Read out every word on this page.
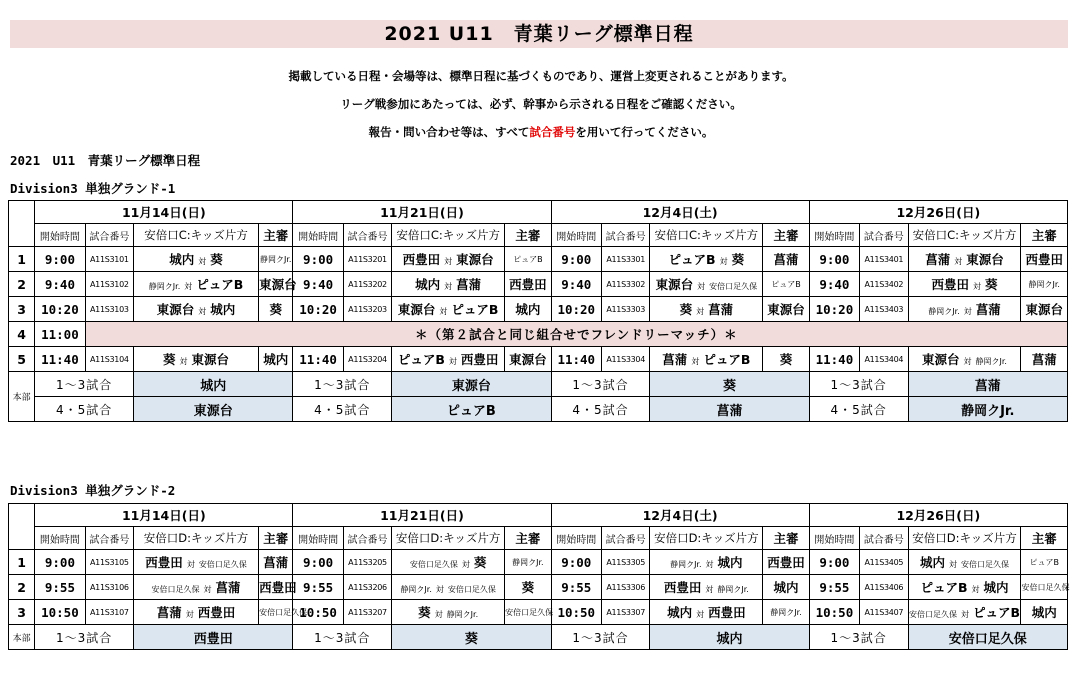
2021 U11　青葉リーグ標準日程
掲載している日程・会場等は、標準日程に基づくものであり、運営上変更されることがあります。
リーグ戦参加にあたっては、必ず、幹事から示される日程をご確認ください。
報告・問い合わせ等は、すべて試合番号を用いて行ってください。
2021　U11　青葉リーグ標準日程
Division3 単独グランド-1
	11月14日(日)				11月21日(日)				12月4日(土)				12月26日(日)			
	開始時間	試合番号	安倍口C:キッズ片方	主審	開始時間	試合番号	安倍口C:キッズ片方	主審	開始時間	試合番号	安倍口C:キッズ片方	主審	開始時間	試合番号	安倍口C:キッズ片方	主審
1	9:00	A11S3101	城内 対 葵	静岡クJr.	9:00	A11S3201	西豊田 対 東源台	ピュアB	9:00	A11S3301	ピュアB 対 葵	菖蒲	9:00	A11S3401	菖蒲 対 東源台	西豊田
2	9:40	A11S3102	静岡クJr. 対 ピュアB	東源台	9:40	A11S3202	城内 対 菖蒲	西豊田	9:40	A11S3302	東源台 対 安倍口足久保	ピュアB	9:40	A11S3402	西豊田 対 葵	静岡クJr.
3	10:20	A11S3103	東源台 対 城内	葵	10:20	A11S3203	東源台 対 ピュアB	城内	10:20	A11S3303	葵 対 菖蒲	東源台	10:20	A11S3403	静岡クJr. 対 菖蒲	東源台
4	11:00	＊（第２試合と同じ組合せでフレンドリーマッチ）＊														
5	11:40	A11S3104	葵 対 東源台	城内	11:40	A11S3204	ピュアB 対 西豊田	東源台	11:40	A11S3304	菖蒲 対 ピュアB	葵	11:40	A11S3404	東源台 対 静岡クJr.	菖蒲
本部	1～3試合		城内		1～3試合		東源台		1～3試合		葵		1～3試合		菖蒲	
	4・5試合		東源台		4・5試合		ピュアB		4・5試合		菖蒲		4・5試合		静岡クJr.	
Division3 単独グランド-2
	11月14日(日)				11月21日(日)				12月4日(土)				12月26日(日)			
	開始時間	試合番号	安倍口D:キッズ片方	主審	開始時間	試合番号	安倍口D:キッズ片方	主審	開始時間	試合番号	安倍口D:キッズ片方	主審	開始時間	試合番号	安倍口D:キッズ片方	主審
1	9:00	A11S3105	西豊田 対 安倍口足久保	菖蒲	9:00	A11S3205	安倍口足久保 対 葵	静岡クJr.	9:00	A11S3305	静岡クJr. 対 城内	西豊田	9:00	A11S3405	城内 対 安倍口足久保	ピュアB
2	9:55	A11S3106	安倍口足久保 対 菖蒲	西豊田	9:55	A11S3206	静岡クJr. 対 安倍口足久保	葵	9:55	A11S3306	西豊田 対 静岡クJr.	城内	9:55	A11S3406	ピュアB 対 城内	安倍口足久保
3	10:50	A11S3107	菖蒲 対 西豊田	安倍口足久保	10:50	A11S3207	葵 対 静岡クJr.	安倍口足久保	10:50	A11S3307	城内 対 西豊田	静岡クJr.	10:50	A11S3407	安倍口足久保 対 ピュアB	城内
本部	1～3試合		西豊田		1～3試合		葵		1～3試合		城内		1～3試合		安倍口足久保	
